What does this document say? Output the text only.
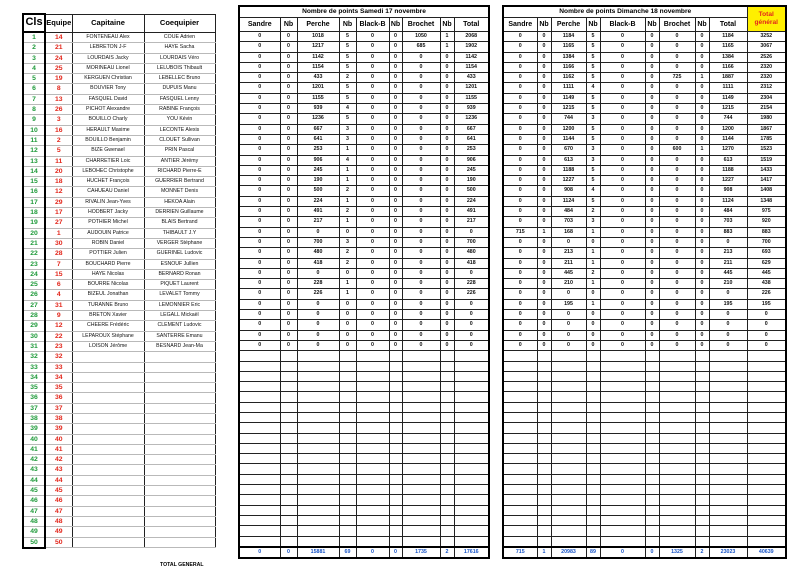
Cls	Equipe	Capitaine	Coequipier
1	14	FONTENEAU Alex	COUE Adrien
2	21	LEBRETON J-F	HAYE Sacha
3	24	LOURDAIS Jacky	LOURDAIS Véro
4	25	MORINEAU Lionel	LELUBOIS Thibault
5	19	KERGUEN Christian	LEBELLEC Bruno
6	8	BOUVIER Tony	DUPUIS Manu
7	13	FASQUEL David	FASQUEL Lenny
8	26	PICHOT Alexandre	RABINE François
9	3	BOUILLO Charly	YOU Kévin
10	16	HERAULT Maxime	LECONTE Alexis
11	2	BOUILLO Benjamin	CLOUET Sullivan
12	5	BIZE Gwenael	PRIN Pascal
13	11	CHARRETIER Loic	ANTIER Jérémy
14	20	LEBOHEC Christophe	RICHARD Pierre-E
15	18	HUCHET François	GUERRIER Bertrand
16	12	CAHUEAU Daniel	MONNET Denis
17	29	RIVALIN Jean-Yves	HEKOA Alain
18	17	HODBERT Jacky	DERRIEN Guillaume
19	27	POTHIER Michel	BLAIS Bertrand
20	1	AUDOUIN Patrice	THIBAULT J.Y
21	30	ROBIN Daniel	VERGER Stéphane
22	28	POTTIER Julien	GUERINEL Ludovic
23	7	BOUCHARD Pierre	ESNOUF Jullien
24	15	HAYE Nicolas	BERNARD Ronan
25	6	BOURRE Nicolas	PIQUET Laurent
26	4	BIZEUL Jonathan	LEVALET Tommy
27	31	TURANNE Bruno	LEMONNIER Eric
28	9	BRETON Xavier	LEGALL Mickaël
29	12	CHEERE Frédéric	CLEMENT Ludovic
30	22	LEPAROUX Stéphane	SANTERRE Emanu
31	23	LOISON Jérôme	BESNARD Jean-Ma
32	32		
33	33		
34	34		
35	35		
36	36		
37	37		
38	38		
39	39		
40	40		
41	41		
42	42		
43	43		
44	44		
45	45		
46	46		
47	47		
48	48		
49	49		
50	50		
Nombre de points Samedi 17 novembre								
Sandre	Nb	Perche	Nb	Black-B	Nb	Brochet	Nb	Total
0	0	1018	5	0	0	1050	1	2068
0	0	1217	5	0	0	685	1	1902
0	0	1142	5	0	0	0	0	1142
0	0	1154	5	0	0	0	0	1154
0	0	433	2	0	0	0	0	433
0	0	1201	5	0	0	0	0	1201
0	0	1155	5	0	0	0	0	1155
0	0	939	4	0	0	0	0	939
0	0	1236	5	0	0	0	0	1236
0	0	667	3	0	0	0	0	667
0	0	641	3	0	0	0	0	641
0	0	253	1	0	0	0	0	253
0	0	906	4	0	0	0	0	906
0	0	245	1	0	0	0	0	245
0	0	190	1	0	0	0	0	190
0	0	500	2	0	0	0	0	500
0	0	224	1	0	0	0	0	224
0	0	491	2	0	0	0	0	491
0	0	217	1	0	0	0	0	217
0	0	0	0	0	0	0	0	0
0	0	700	3	0	0	0	0	700
0	0	480	2	0	0	0	0	480
0	0	418	2	0	0	0	0	418
0	0	0	0	0	0	0	0	0
0	0	228	1	0	0	0	0	228
0	0	226	1	0	0	0	0	226
0	0	0	0	0	0	0	0	0
0	0	0	0	0	0	0	0	0
0	0	0	0	0	0	0	0	0
0	0	0	0	0	0	0	0	0
0	0	0	0	0	0	0	0	0

0	0	15881	69	0	0	1735	2	17616
Nombre de points Dimanche 18 novembre									Total général
Sandre	Nb	Perche	Nb	Black-B	Nb	Brochet	Nb	Total	
0	0	1184	5	0	0	0	0	1184	3252
0	0	1165	5	0	0	0	0	1165	3067
0	0	1384	5	0	0	0	0	1384	2526
0	0	1166	5	0	0	0	0	1166	2320
0	0	1162	5	0	0	725	1	1887	2320
0	0	1111	4	0	0	0	0	1111	2312
0	0	1149	5	0	0	0	0	1149	2304
0	0	1215	5	0	0	0	0	1215	2154
0	0	744	3	0	0	0	0	744	1980
0	0	1200	5	0	0	0	0	1200	1867
0	0	1144	5	0	0	0	0	1144	1785
0	0	670	3	0	0	600	1	1270	1523
0	0	613	3	0	0	0	0	613	1519
0	0	1188	5	0	0	0	0	1188	1433
0	0	1227	5	0	0	0	0	1227	1417
0	0	908	4	0	0	0	0	908	1408
0	0	1124	5	0	0	0	0	1124	1348
0	0	484	2	0	0	0	0	484	975
0	0	703	3	0	0	0	0	703	920
715	1	168	1	0	0	0	0	883	883
0	0	0	0	0	0	0	0	0	700
0	0	213	1	0	0	0	0	213	693
0	0	211	1	0	0	0	0	211	629
0	0	445	2	0	0	0	0	445	445
0	0	210	1	0	0	0	0	210	438
0	0	0	0	0	0	0	0	0	226
0	0	195	1	0	0	0	0	195	195
0	0	0	0	0	0	0	0	0	0
0	0	0	0	0	0	0	0	0	0
0	0	0	0	0	0	0	0	0	0
0	0	0	0	0	0	0	0	0	0

715	1	20983	89	0	0	1325	2	23023	40639
TOTAL GENERAL
